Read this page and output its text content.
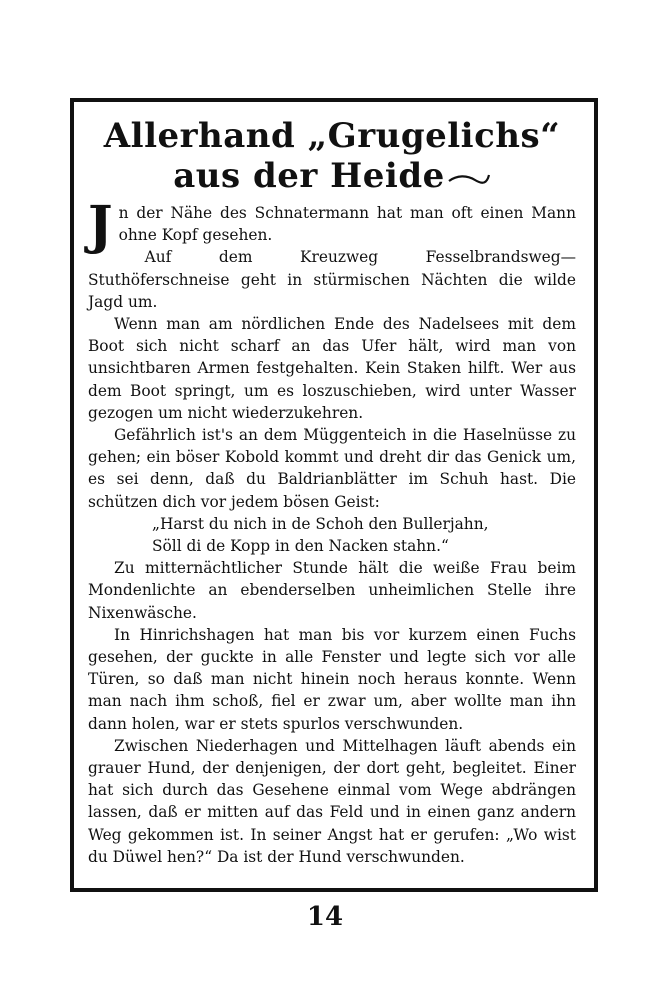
Allerhand „Grugelichs“ aus der Heide

Jn der Nähe des Schnatermann hat man oft einen Mann ohne Kopf gesehen.

Auf dem Kreuzweg Fesselbrandsweg—Stuthöferschneise geht in stürmischen Nächten die wilde Jagd um.

Wenn man am nördlichen Ende des Nadelsees mit dem Boot sich nicht scharf an das Ufer hält, wird man von unsichtbaren Armen festgehalten. Kein Staken hilft. Wer aus dem Boot springt, um es loszuschieben, wird unter Wasser gezogen um nicht wiederzukehren.

Gefährlich ist's an dem Müggenteich in die Haselnüsse zu gehen; ein böser Kobold kommt und dreht dir das Genick um, es sei denn, daß du Baldrianblätter im Schuh hast. Die schützen dich vor jedem bösen Geist:

„Harst du nich in de Schoh den Bullerjahn,
Söll di de Kopp in den Nacken stahn.“

Zu mitternächtlicher Stunde hält die weiße Frau beim Mondenlichte an ebenderselben unheimlichen Stelle ihre Nixenwäsche.

In Hinrichshagen hat man bis vor kurzem einen Fuchs gesehen, der guckte in alle Fenster und legte sich vor alle Türen, so daß man nicht hinein noch heraus konnte. Wenn man nach ihm schoß, fiel er zwar um, aber wollte man ihn dann holen, war er stets spurlos verschwunden.

Zwischen Niederhagen und Mittelhagen läuft abends ein grauer Hund, der denjenigen, der dort geht, begleitet. Einer hat sich durch das Gesehene einmal vom Wege abdrängen lassen, daß er mitten auf das Feld und in einen ganz andern Weg gekommen ist. In seiner Angst hat er gerufen: „Wo wist du Düwel hen?“ Da ist der Hund verschwunden.

14
